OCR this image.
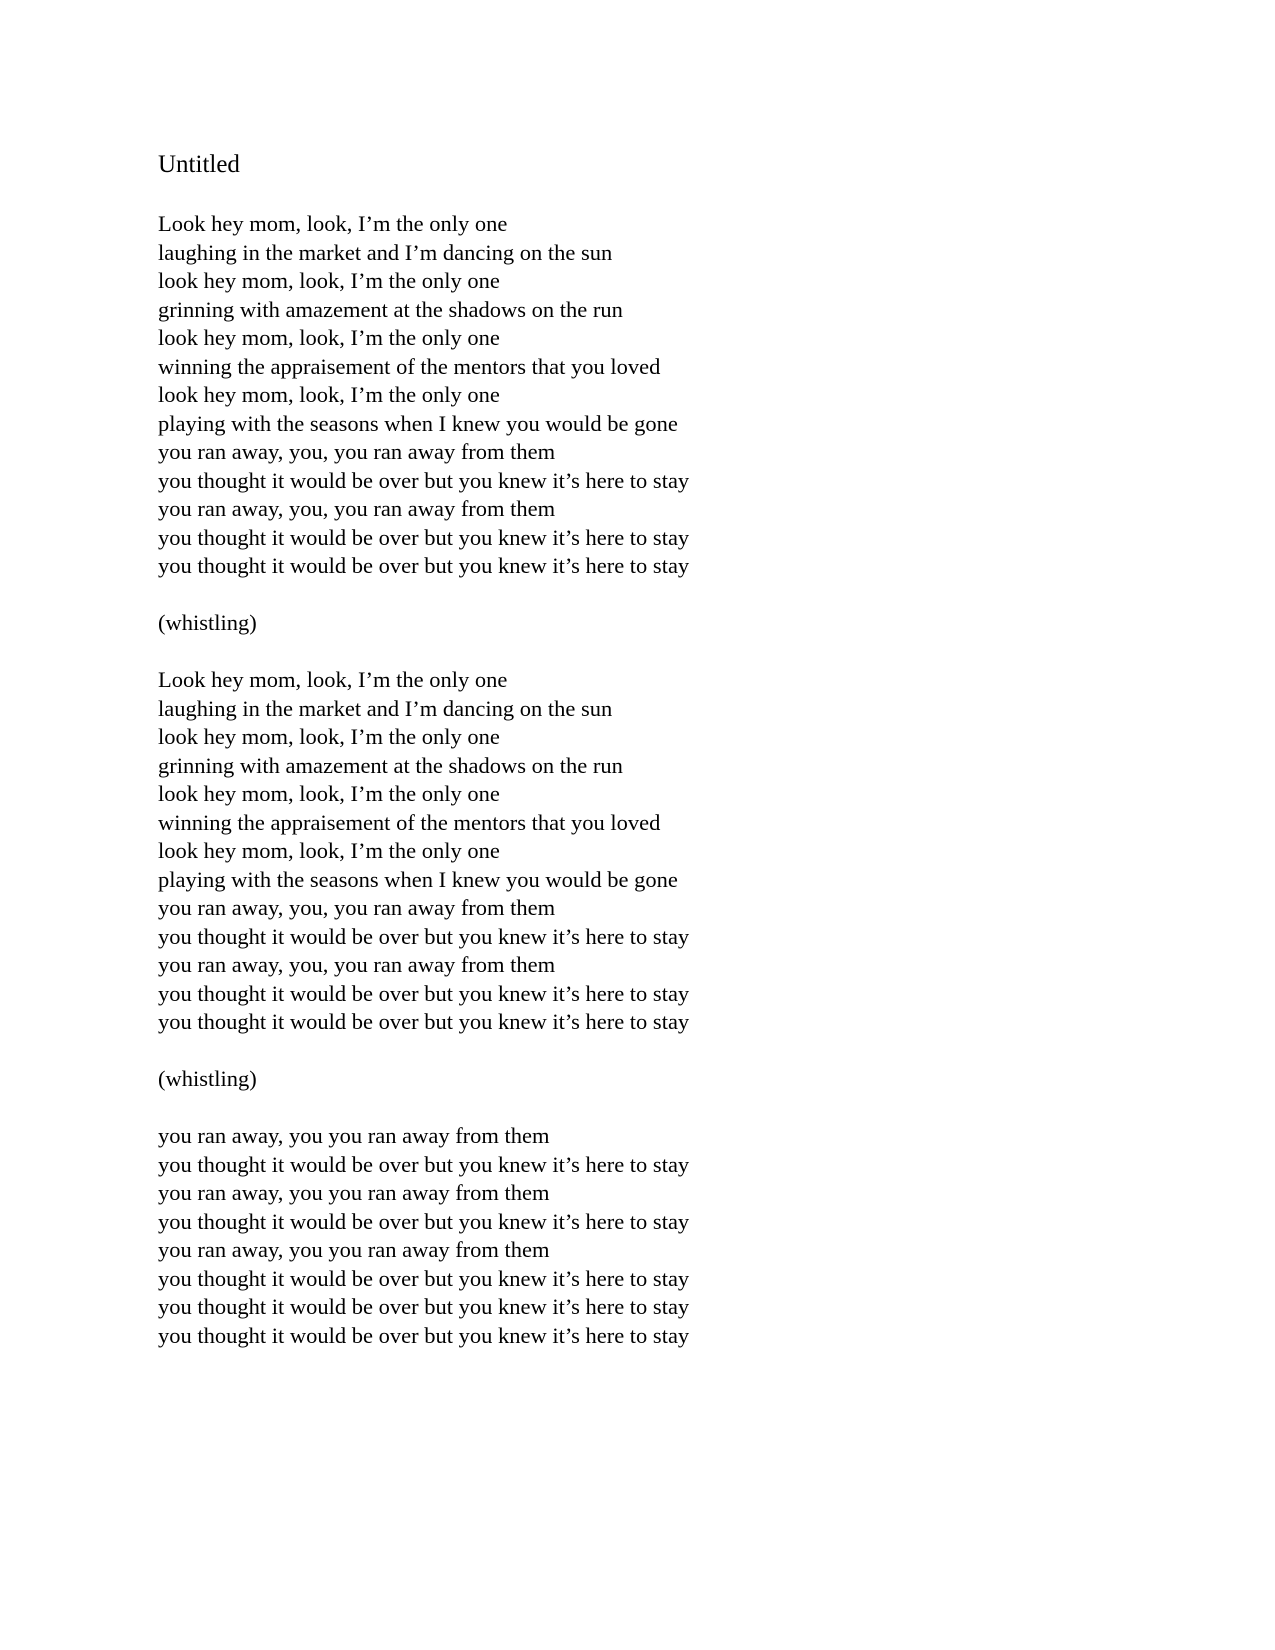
Untitled
Look hey mom, look, I’m the only one
laughing in the market and I’m dancing on the sun
look hey mom, look, I’m the only one
grinning with amazement at the shadows on the run
look hey mom, look, I’m the only one
winning the appraisement of the mentors that you loved
look hey mom, look, I’m the only one
playing with the seasons when I knew you would be gone
you ran away, you, you ran away from them
you thought it would be over but you knew it’s here to stay
you ran away, you, you ran away from them
you thought it would be over but you knew it’s here to stay
you thought it would be over but you knew it’s here to stay
(whistling)
Look hey mom, look, I’m the only one
laughing in the market and I’m dancing on the sun
look hey mom, look, I’m the only one
grinning with amazement at the shadows on the run
look hey mom, look, I’m the only one
winning the appraisement of the mentors that you loved
look hey mom, look, I’m the only one
playing with the seasons when I knew you would be gone
you ran away, you, you ran away from them
you thought it would be over but you knew it’s here to stay
you ran away, you, you ran away from them
you thought it would be over but you knew it’s here to stay
you thought it would be over but you knew it’s here to stay
(whistling)
you ran away, you you ran away from them
you thought it would be over but you knew it’s here to stay
you ran away, you you ran away from them
you thought it would be over but you knew it’s here to stay
you ran away, you you ran away from them
you thought it would be over but you knew it’s here to stay
you thought it would be over but you knew it’s here to stay
you thought it would be over but you knew it’s here to stay
